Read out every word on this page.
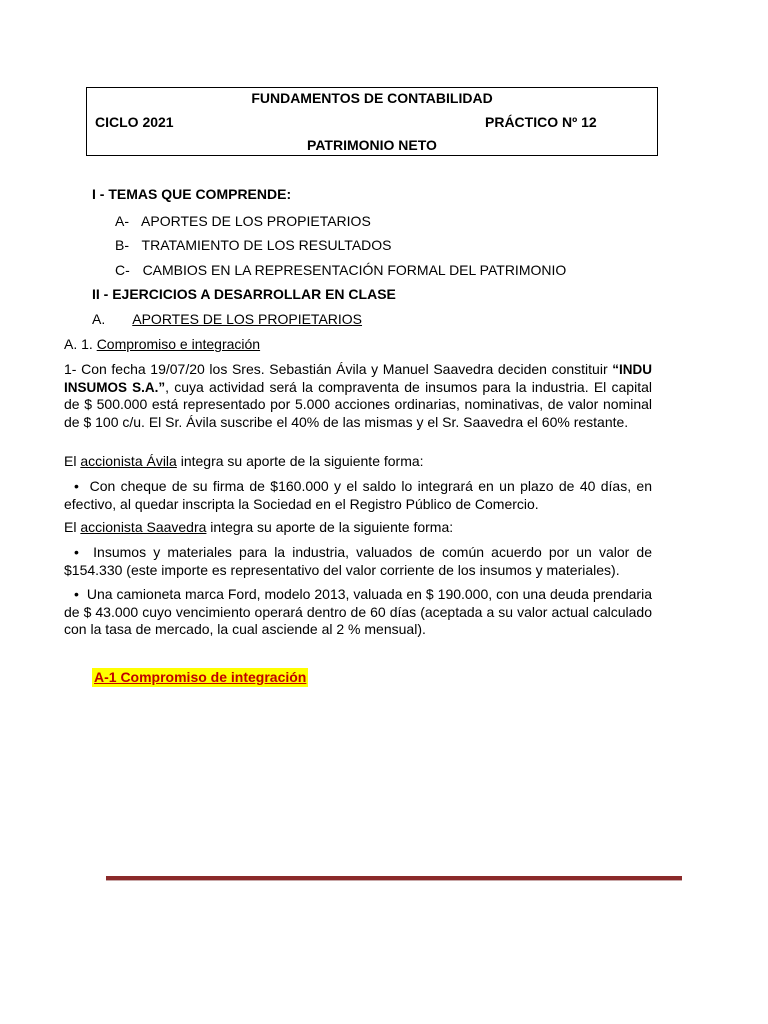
FUNDAMENTOS DE CONTABILIDAD
CICLO 2021	PRÁCTICO Nº 12
PATRIMONIO NETO
I - TEMAS QUE COMPRENDE:
A- APORTES DE LOS PROPIETARIOS
B- TRATAMIENTO DE LOS RESULTADOS
C- CAMBIOS EN LA REPRESENTACIÓN FORMAL DEL PATRIMONIO
II - EJERCICIOS A DESARROLLAR EN CLASE
A. APORTES DE LOS PROPIETARIOS
A. 1. Compromiso e integración
1- Con fecha 19/07/20 los Sres. Sebastián Ávila y Manuel Saavedra deciden constituir “INDU INSUMOS S.A.”, cuya actividad será la compraventa de insumos para la industria. El capital de $ 500.000 está representado por 5.000 acciones ordinarias, nominativas, de valor nominal de $ 100 c/u. El Sr. Ávila suscribe el 40% de las mismas y el Sr. Saavedra el 60% restante.
El accionista Ávila integra su aporte de la siguiente forma:
• Con cheque de su firma de $160.000 y el saldo lo integrará en un plazo de 40 días, en efectivo, al quedar inscripta la Sociedad en el Registro Público de Comercio.
El accionista Saavedra integra su aporte de la siguiente forma:
• Insumos y materiales para la industria, valuados de común acuerdo por un valor de $154.330 (este importe es representativo del valor corriente de los insumos y materiales).
• Una camioneta marca Ford, modelo 2013, valuada en $ 190.000, con una deuda prendaria de $ 43.000 cuyo vencimiento operará dentro de 60 días (aceptada a su valor actual calculado con la tasa de mercado, la cual asciende al 2 % mensual).
A-1 Compromiso de integración
